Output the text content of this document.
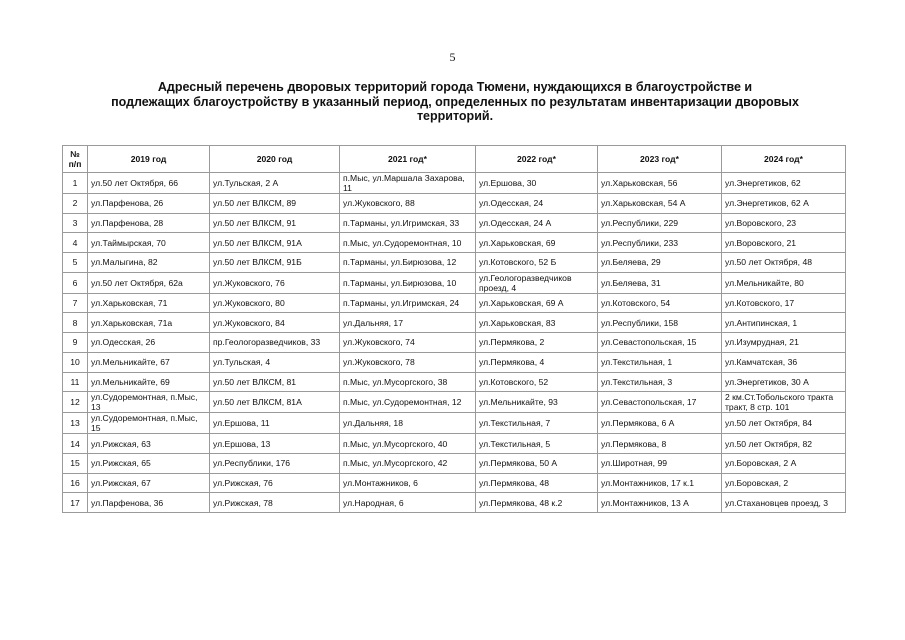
5
Адресный перечень дворовых территорий города Тюмени, нуждающихся в благоустройстве и
подлежащих благоустройству в указанный период, определенных по результатам инвентаризации дворовых
территорий.
№ п/п	2019 год	2020 год	2021 год*	2022 год*	2023 год*	2024 год*
1	ул.50 лет Октября, 66	ул.Тульская, 2 А	п.Мыс, ул.Маршала Захарова, 11	ул.Ершова, 30	ул.Харьковская, 56	ул.Энергетиков, 62
2	ул.Парфенова, 26	ул.50 лет ВЛКСМ, 89	ул.Жуковского, 88	ул.Одесская, 24	ул.Харьковская, 54 А	ул.Энергетиков, 62 А
3	ул.Парфенова, 28	ул.50 лет ВЛКСМ, 91	п.Тарманы, ул.Игримская, 33	ул.Одесская, 24 А	ул.Республики, 229	ул.Воровского, 23
4	ул.Таймырская, 70	ул.50 лет ВЛКСМ, 91А	п.Мыс, ул.Судоремонтная, 10	ул.Харьковская, 69	ул.Республики, 233	ул.Воровского, 21
5	ул.Малыгина, 82	ул.50 лет ВЛКСМ, 91Б	п.Тарманы, ул.Бирюзова, 12	ул.Котовского, 52 Б	ул.Беляева, 29	ул.50 лет Октября, 48
6	ул.50 лет Октября, 62а	ул.Жуковского, 76	п.Тарманы, ул.Бирюзова, 10	ул.Геологоразведчиков проезд, 4	ул.Беляева, 31	ул.Мельникайте, 80
7	ул.Харьковская, 71	ул.Жуковского, 80	п.Тарманы, ул.Игримская, 24	ул.Харьковская, 69 А	ул.Котовского, 54	ул.Котовского, 17
8	ул.Харьковская, 71а	ул.Жуковского, 84	ул.Дальняя, 17	ул.Харьковская, 83	ул.Республики, 158	ул.Антипинская, 1
9	ул.Одесская, 26	пр.Геологоразведчиков, 33	ул.Жуковского, 74	ул.Пермякова, 2	ул.Севастопольская, 15	ул.Изумрудная, 21
10	ул.Мельникайте, 67	ул.Тульская, 4	ул.Жуковского, 78	ул.Пермякова, 4	ул.Текстильная, 1	ул.Камчатская, 36
11	ул.Мельникайте, 69	ул.50 лет ВЛКСМ, 81	п.Мыс, ул.Мусоргского, 38	ул.Котовского, 52	ул.Текстильная, 3	ул.Энергетиков, 30 А
12	ул.Судоремонтная, п.Мыс, 13	ул.50 лет ВЛКСМ, 81А	п.Мыс, ул.Судоремонтная, 12	ул.Мельникайте, 93	ул.Севастопольская, 17	2 км.Ст.Тобольского тракта тракт, 8 стр. 101
13	ул.Судоремонтная, п.Мыс, 15	ул.Ершова, 11	ул.Дальняя, 18	ул.Текстильная, 7	ул.Пермякова, 6 А	ул.50 лет Октября, 84
14	ул.Рижская, 63	ул.Ершова, 13	п.Мыс, ул.Мусоргского, 40	ул.Текстильная, 5	ул.Пермякова, 8	ул.50 лет Октября, 82
15	ул.Рижская, 65	ул.Республики, 176	п.Мыс, ул.Мусоргского, 42	ул.Пермякова, 50 А	ул.Широтная, 99	ул.Боровская, 2 А
16	ул.Рижская, 67	ул.Рижская, 76	ул.Монтажников, 6	ул.Пермякова, 48	ул.Монтажников, 17 к.1	ул.Боровская, 2
17	ул.Парфенова, 36	ул.Рижская, 78	ул.Народная, 6	ул.Пермякова, 48 к.2	ул.Монтажников, 13 А	ул.Стахановцев проезд, 3
